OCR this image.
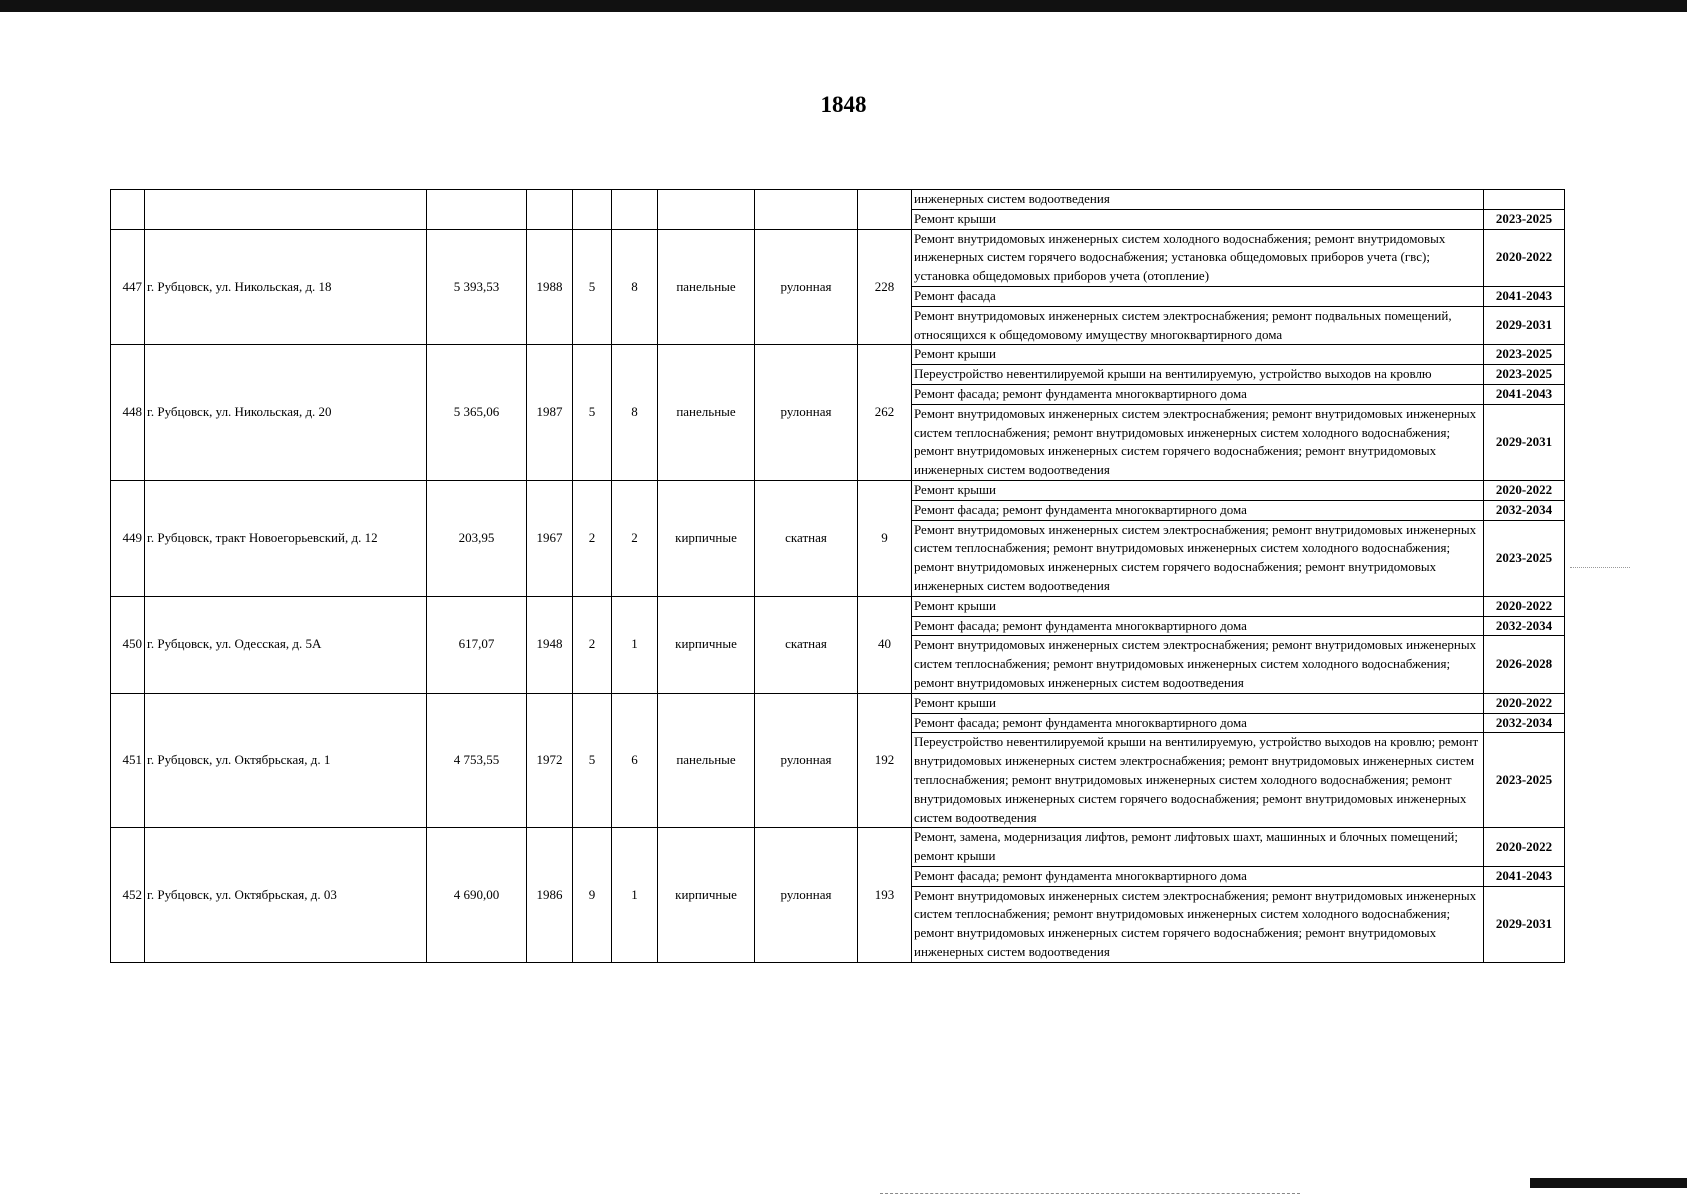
1848
									инженерных систем водоотведения	
									Ремонт крыши	2023-2025
447	г. Рубцовск, ул. Никольская, д. 18	5 393,53	1988	5	8	панельные	рулонная	228	Ремонт внутридомовых инженерных систем холодного водоснабжения; ремонт внутридомовых инженерных систем горячего водоснабжения; установка общедомовых приборов учета (гвс); установка общедомовых приборов учета (отопление)	2020-2022
									Ремонт фасада	2041-2043
									Ремонт внутридомовых инженерных систем электроснабжения; ремонт подвальных помещений, относящихся к общедомовому имуществу многоквартирного дома	2029-2031
448	г. Рубцовск, ул. Никольская, д. 20	5 365,06	1987	5	8	панельные	рулонная	262	Ремонт крыши	2023-2025
									Переустройство невентилируемой крыши на вентилируемую, устройство выходов на кровлю	2023-2025
									Ремонт фасада; ремонт фундамента многоквартирного дома	2041-2043
									Ремонт внутридомовых инженерных систем электроснабжения; ремонт внутридомовых инженерных систем теплоснабжения; ремонт внутридомовых инженерных систем холодного водоснабжения; ремонт внутридомовых инженерных систем горячего водоснабжения; ремонт внутридомовых инженерных систем водоотведения	2029-2031
449	г. Рубцовск, тракт Новоегорьевский, д. 12	203,95	1967	2	2	кирпичные	скатная	9	Ремонт крыши	2020-2022
									Ремонт фасада; ремонт фундамента многоквартирного дома	2032-2034
									Ремонт внутридомовых инженерных систем электроснабжения; ремонт внутридомовых инженерных систем теплоснабжения; ремонт внутридомовых инженерных систем холодного водоснабжения; ремонт внутридомовых инженерных систем горячего водоснабжения; ремонт внутридомовых инженерных систем водоотведения	2023-2025
450	г. Рубцовск, ул. Одесская, д. 5А	617,07	1948	2	1	кирпичные	скатная	40	Ремонт крыши	2020-2022
									Ремонт фасада; ремонт фундамента многоквартирного дома	2032-2034
									Ремонт внутридомовых инженерных систем электроснабжения; ремонт внутридомовых инженерных систем теплоснабжения; ремонт внутридомовых инженерных систем холодного водоснабжения; ремонт внутридомовых инженерных систем водоотведения	2026-2028
451	г. Рубцовск, ул. Октябрьская, д. 1	4 753,55	1972	5	6	панельные	рулонная	192	Ремонт крыши	2020-2022
									Ремонт фасада; ремонт фундамента многоквартирного дома	2032-2034
									Переустройство невентилируемой крыши на вентилируемую, устройство выходов на кровлю; ремонт внутридомовых инженерных систем электроснабжения; ремонт внутридомовых инженерных систем теплоснабжения; ремонт внутридомовых инженерных систем холодного водоснабжения; ремонт внутридомовых инженерных систем горячего водоснабжения; ремонт внутридомовых инженерных систем водоотведения	2023-2025
452	г. Рубцовск, ул. Октябрьская, д. 03	4 690,00	1986	9	1	кирпичные	рулонная	193	Ремонт, замена, модернизация лифтов, ремонт лифтовых шахт, машинных и блочных помещений; ремонт крыши	2020-2022
									Ремонт фасада; ремонт фундамента многоквартирного дома	2041-2043
									Ремонт внутридомовых инженерных систем электроснабжения; ремонт внутридомовых инженерных систем теплоснабжения; ремонт внутридомовых инженерных систем холодного водоснабжения; ремонт внутридомовых инженерных систем горячего водоснабжения; ремонт внутридомовых инженерных систем водоотведения	2029-2031
